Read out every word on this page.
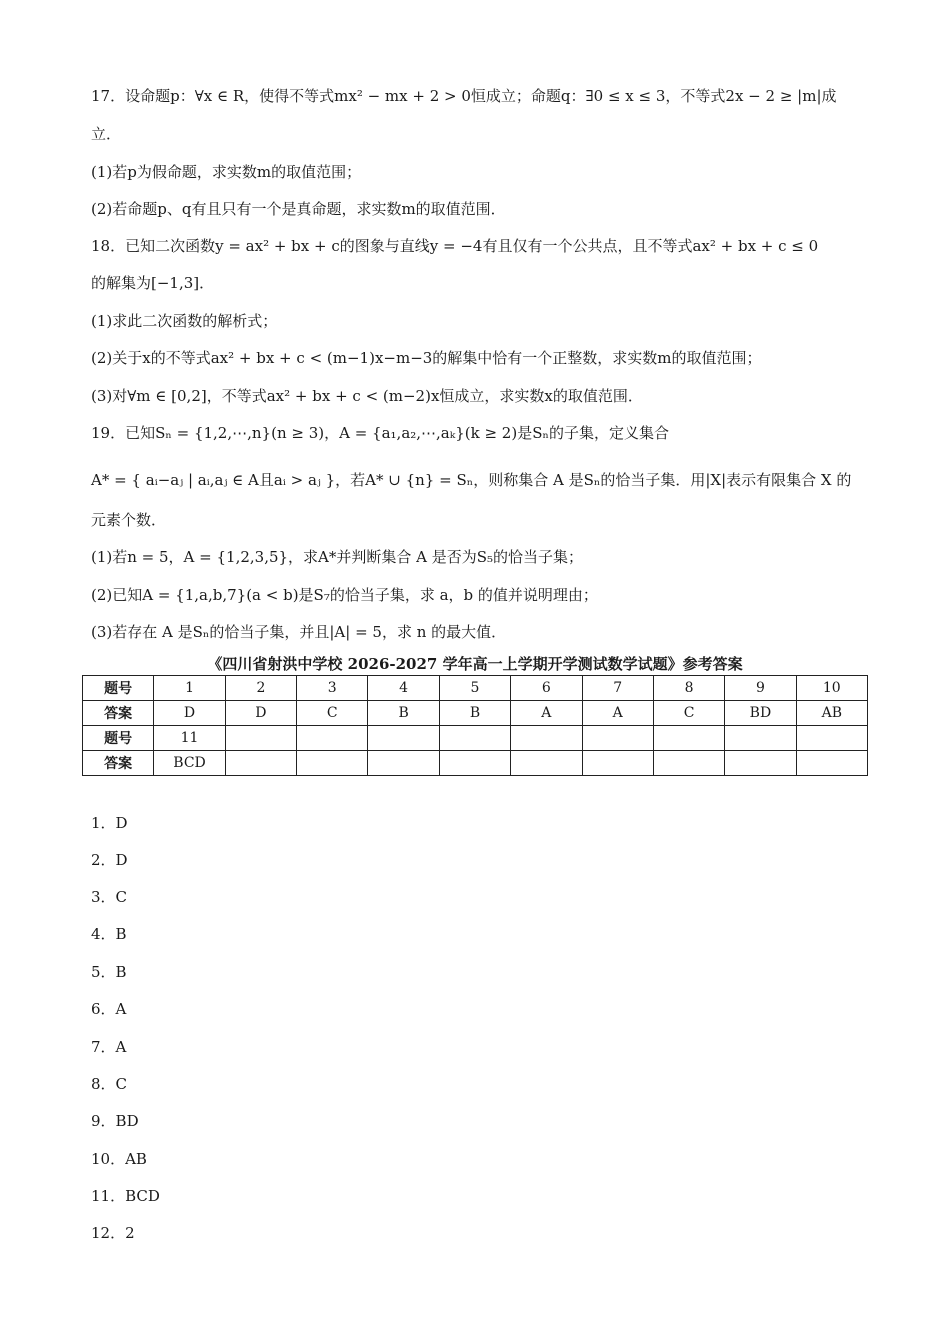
17．设命题p：∀x ∈ R，使得不等式mx² − mx + 2 > 0恒成立；命题q：∃0 ≤ x ≤ 3，不等式2x − 2 ≥ |m|成
立．
(1)若p为假命题，求实数m的取值范围；
(2)若命题p、q有且只有一个是真命题，求实数m的取值范围．
18．已知二次函数y = ax² + bx + c的图象与直线y = −4有且仅有一个公共点，且不等式ax² + bx + c ≤ 0
的解集为[−1,3]．
(1)求此二次函数的解析式；
(2)关于x的不等式ax² + bx + c < (m−1)x−m−3的解集中恰有一个正整数，求实数m的取值范围；
(3)对∀m ∈ [0,2]，不等式ax² + bx + c < (m−2)x恒成立，求实数x的取值范围．
19．已知Sₙ = {1,2,⋯,n}(n ≥ 3)，A = {a₁,a₂,⋯,aₖ}(k ≥ 2)是Sₙ的子集，定义集合
A* = { aᵢ−aⱼ | aᵢ,aⱼ ∈ A且aᵢ > aⱼ }，若A* ∪ {n} = Sₙ，则称集合 A 是Sₙ的恰当子集．用|X|表示有限集合 X 的
元素个数．
(1)若n = 5，A = {1,2,3,5}，求A*并判断集合 A 是否为S₅的恰当子集；
(2)已知A = {1,a,b,7}(a < b)是S₇的恰当子集，求 a，b 的值并说明理由；
(3)若存在 A 是Sₙ的恰当子集，并且|A| = 5，求 n 的最大值．
《四川省射洪中学校 2026-2027 学年高一上学期开学测试数学试题》参考答案
题号	1	2	3	4	5	6	7	8	9	10
答案	D	D	C	B	B	A	A	C	BD	AB
题号	11									
答案	BCD									
1．D
2．D
3．C
4．B
5．B
6．A
7．A
8．C
9．BD
10．AB
11．BCD
12．2
